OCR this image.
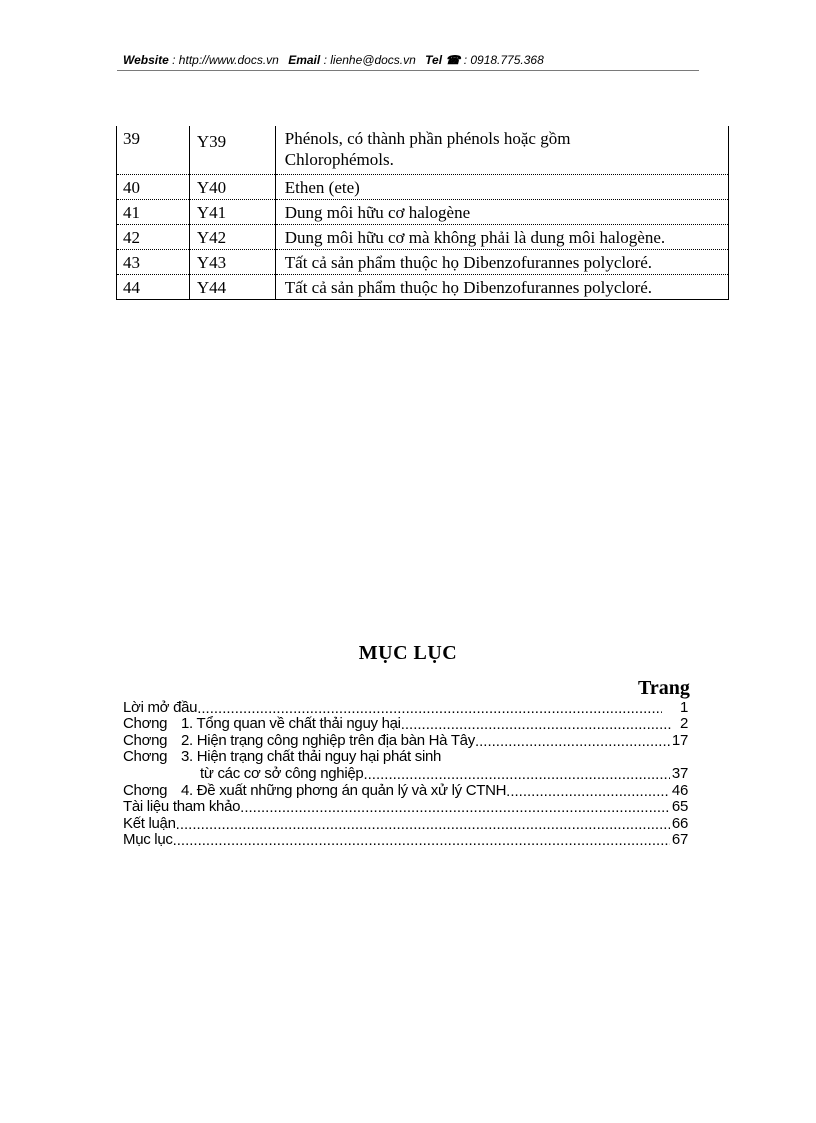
Website : http://www.docs.vn Email : lienhe@docs.vn Tel ☎ : 0918.775.368
39	Y39	Phénols, có thành phần phénols hoặc gồm
Chlorophémols.
40	Y40	Ethen (ete)
41	Y41	Dung môi hữu cơ halogène
42	Y42	Dung môi hữu cơ mà không phải là dung môi halogène.
43	Y43	Tất cả sản phẩm thuộc họ Dibenzofurannes polycloré.
44	Y44	Tất cả sản phẩm thuộc họ Dibenzofurannes polycloré.
MỤC LỤC
Trang
Lời mở đầu .....	1
Chơng 1. Tổng quan về chất thải nguy hại .....	2
Chơng 2. Hiện trạng công nghiệp trên địa bàn Hà Tây .....	17
Chơng 3. Hiện trạng chất thải nguy hại phát sinh
từ các cơ sở công nghiệp .....	37
Chơng 4. Đề xuất những phơng án quản lý và xử lý CTNH .....	46
Tài liệu tham khảo .....	65
Kết luận .....	66
Mục lục .....	67
